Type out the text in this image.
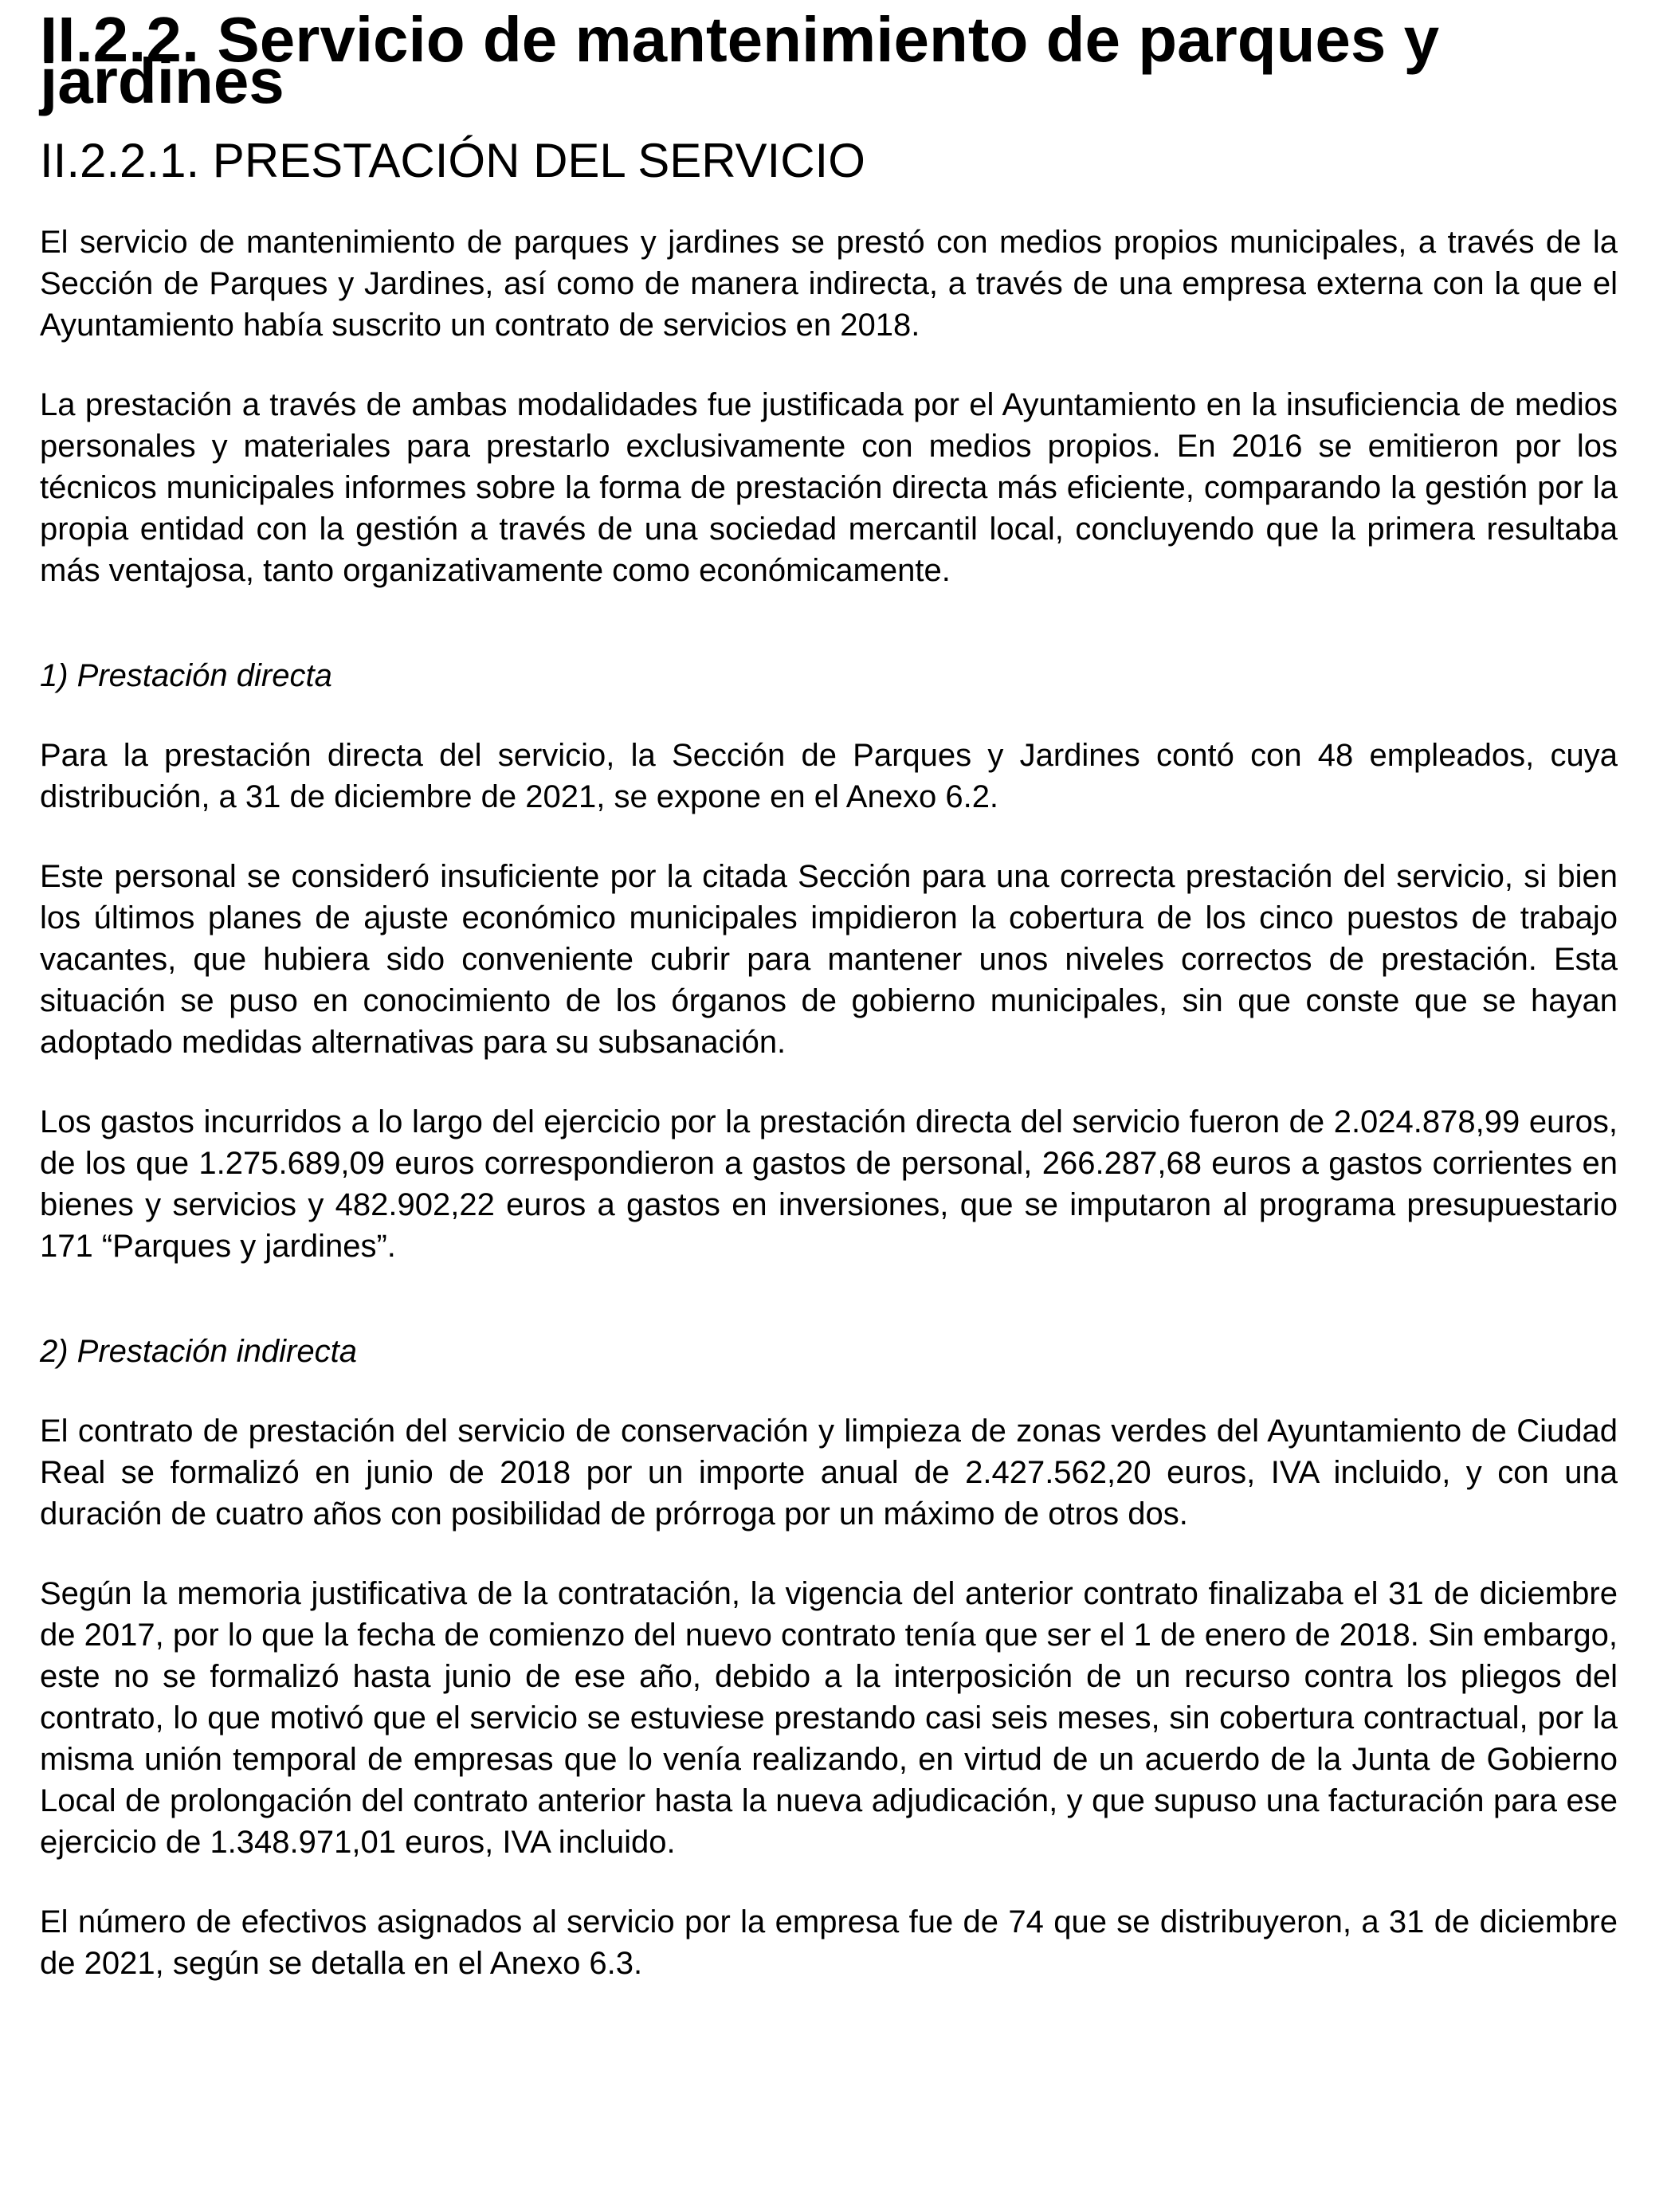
II.2.2. Servicio de mantenimiento de parques y jardines
II.2.2.1. PRESTACIÓN DEL SERVICIO

El servicio de mantenimiento de parques y jardines se prestó con medios propios municipales, a través de la Sección de Parques y Jardines, así como de manera indirecta, a través de una empresa externa con la que el Ayuntamiento había suscrito un contrato de servicios en 2018.

La prestación a través de ambas modalidades fue justificada por el Ayuntamiento en la insuficiencia de medios personales y materiales para prestarlo exclusivamente con medios propios. En 2016 se emitieron por los técnicos municipales informes sobre la forma de prestación directa más eficiente, comparando la gestión por la propia entidad con la gestión a través de una sociedad mercantil local, concluyendo que la primera resultaba más ventajosa, tanto organizativamente como económicamente.

1) Prestación directa

Para la prestación directa del servicio, la Sección de Parques y Jardines contó con 48 empleados, cuya distribución, a 31 de diciembre de 2021, se expone en el Anexo 6.2.

Este personal se consideró insuficiente por la citada Sección para una correcta prestación del servicio, si bien los últimos planes de ajuste económico municipales impidieron la cobertura de los cinco puestos de trabajo vacantes, que hubiera sido conveniente cubrir para mantener unos niveles correctos de prestación. Esta situación se puso en conocimiento de los órganos de gobierno municipales, sin que conste que se hayan adoptado medidas alternativas para su subsanación.

Los gastos incurridos a lo largo del ejercicio por la prestación directa del servicio fueron de 2.024.878,99 euros, de los que 1.275.689,09 euros correspondieron a gastos de personal, 266.287,68 euros a gastos corrientes en bienes y servicios y 482.902,22 euros a gastos en inversiones, que se imputaron al programa presupuestario 171 “Parques y jardines”.

2) Prestación indirecta

El contrato de prestación del servicio de conservación y limpieza de zonas verdes del Ayuntamiento de Ciudad Real se formalizó en junio de 2018 por un importe anual de 2.427.562,20 euros, IVA incluido, y con una duración de cuatro años con posibilidad de prórroga por un máximo de otros dos.

Según la memoria justificativa de la contratación, la vigencia del anterior contrato finalizaba el 31 de diciembre de 2017, por lo que la fecha de comienzo del nuevo contrato tenía que ser el 1 de enero de 2018. Sin embargo, este no se formalizó hasta junio de ese año, debido a la interposición de un recurso contra los pliegos del contrato, lo que motivó que el servicio se estuviese prestando casi seis meses, sin cobertura contractual, por la misma unión temporal de empresas que lo venía realizando, en virtud de un acuerdo de la Junta de Gobierno Local de prolongación del contrato anterior hasta la nueva adjudicación, y que supuso una facturación para ese ejercicio de 1.348.971,01 euros, IVA incluido.

El número de efectivos asignados al servicio por la empresa fue de 74 que se distribuyeron, a 31 de diciembre de 2021, según se detalla en el Anexo 6.3.
